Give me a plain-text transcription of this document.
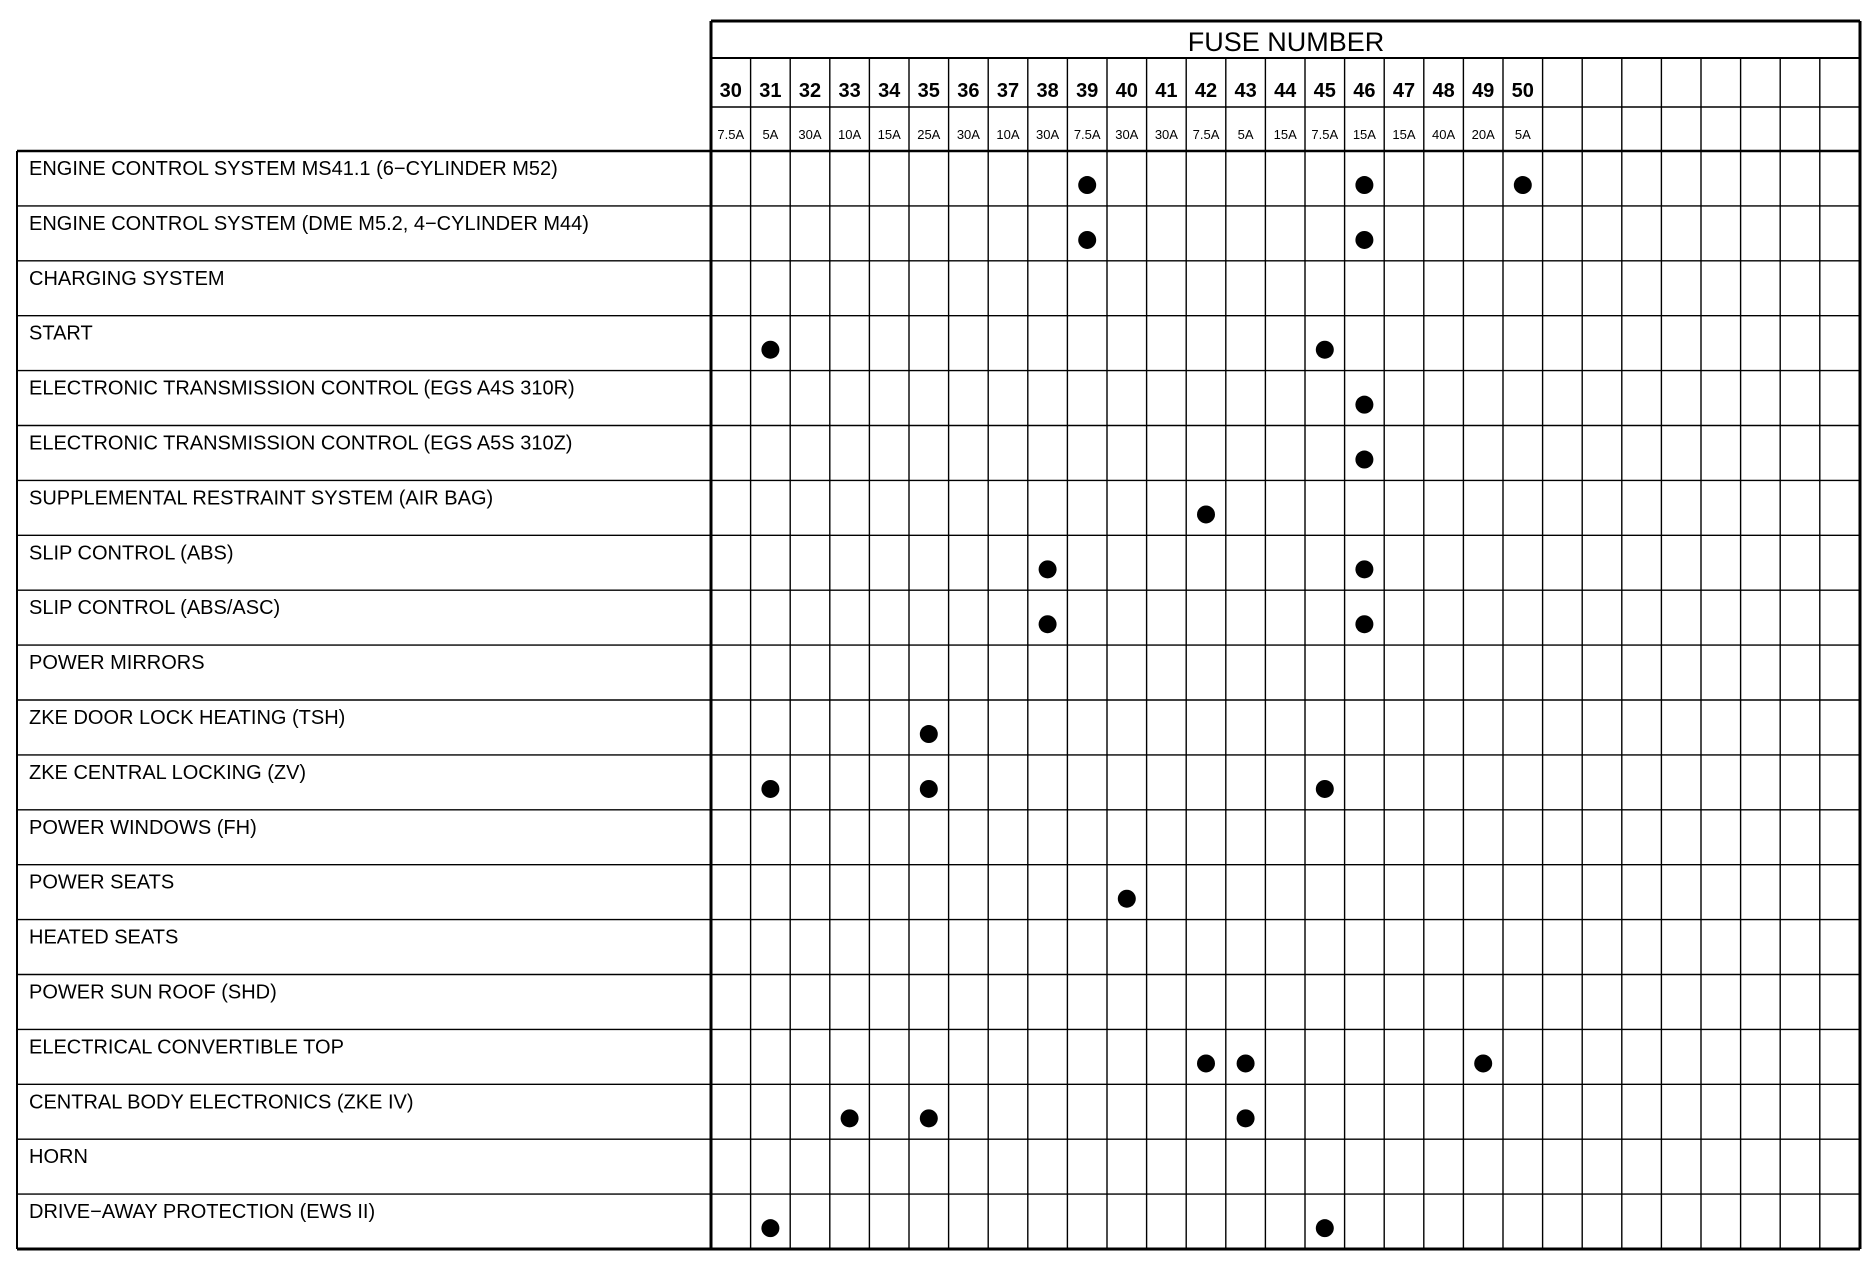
FUSE NUMBER
30
7.5A
31
5A
32
30A
33
10A
34
15A
35
25A
36
30A
37
10A
38
30A
39
7.5A
40
30A
41
30A
42
7.5A
43
5A
44
15A
45
7.5A
46
15A
47
15A
48
40A
49
20A
50
5A
ENGINE CONTROL SYSTEM MS41.1 (6−CYLINDER M52)
ENGINE CONTROL SYSTEM (DME M5.2, 4−CYLINDER M44)
CHARGING SYSTEM
START
ELECTRONIC TRANSMISSION CONTROL (EGS A4S 310R)
ELECTRONIC TRANSMISSION CONTROL (EGS A5S 310Z)
SUPPLEMENTAL RESTRAINT SYSTEM (AIR BAG)
SLIP CONTROL (ABS)
SLIP CONTROL (ABS/ASC)
POWER MIRRORS
ZKE DOOR LOCK HEATING (TSH)
ZKE CENTRAL LOCKING (ZV)
POWER WINDOWS (FH)
POWER SEATS
HEATED SEATS
POWER SUN ROOF (SHD)
ELECTRICAL CONVERTIBLE TOP
CENTRAL BODY ELECTRONICS (ZKE IV)
HORN
DRIVE−AWAY PROTECTION (EWS II)
